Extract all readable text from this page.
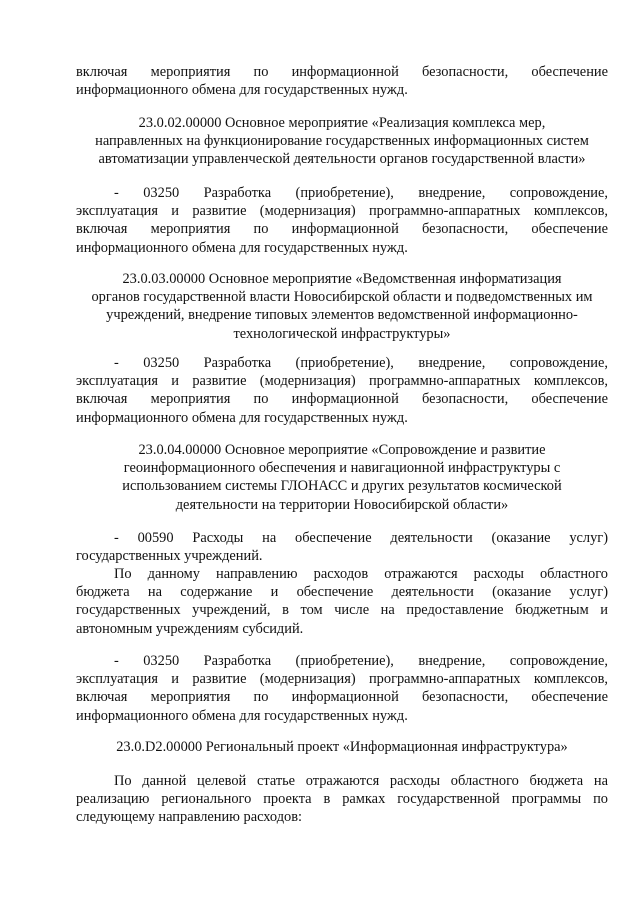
включая мероприятия по информационной безопасности, обеспечение
информационного обмена для государственных нужд.
23.0.02.00000 Основное мероприятие «Реализация комплекса мер,
направленных на функционирование государственных информационных систем
автоматизации управленческой деятельности органов государственной власти»
- 03250 Разработка (приобретение), внедрение, сопровождение,
эксплуатация и развитие (модернизация) программно-аппаратных комплексов,
включая мероприятия по информационной безопасности, обеспечение
информационного обмена для государственных нужд.
23.0.03.00000 Основное мероприятие «Ведомственная информатизация
органов государственной власти Новосибирской области и подведомственных им
учреждений, внедрение типовых элементов ведомственной информационно-
технологической инфраструктуры»
- 03250 Разработка (приобретение), внедрение, сопровождение,
эксплуатация и развитие (модернизация) программно-аппаратных комплексов,
включая мероприятия по информационной безопасности, обеспечение
информационного обмена для государственных нужд.
23.0.04.00000 Основное мероприятие «Сопровождение и развитие
геоинформационного обеспечения и навигационной инфраструктуры с
использованием системы ГЛОНАСС и других результатов космической
деятельности на территории Новосибирской области»
- 00590 Расходы на обеспечение деятельности (оказание услуг)
государственных учреждений.
По данному направлению расходов отражаются расходы областного
бюджета на содержание и обеспечение деятельности (оказание услуг)
государственных учреждений, в том числе на предоставление бюджетным и
автономным учреждениям субсидий.
- 03250 Разработка (приобретение), внедрение, сопровождение,
эксплуатация и развитие (модернизация) программно-аппаратных комплексов,
включая мероприятия по информационной безопасности, обеспечение
информационного обмена для государственных нужд.
23.0.D2.00000 Региональный проект «Информационная инфраструктура»
По данной целевой статье отражаются расходы областного бюджета на
реализацию регионального проекта в рамках государственной программы по
следующему направлению расходов:
